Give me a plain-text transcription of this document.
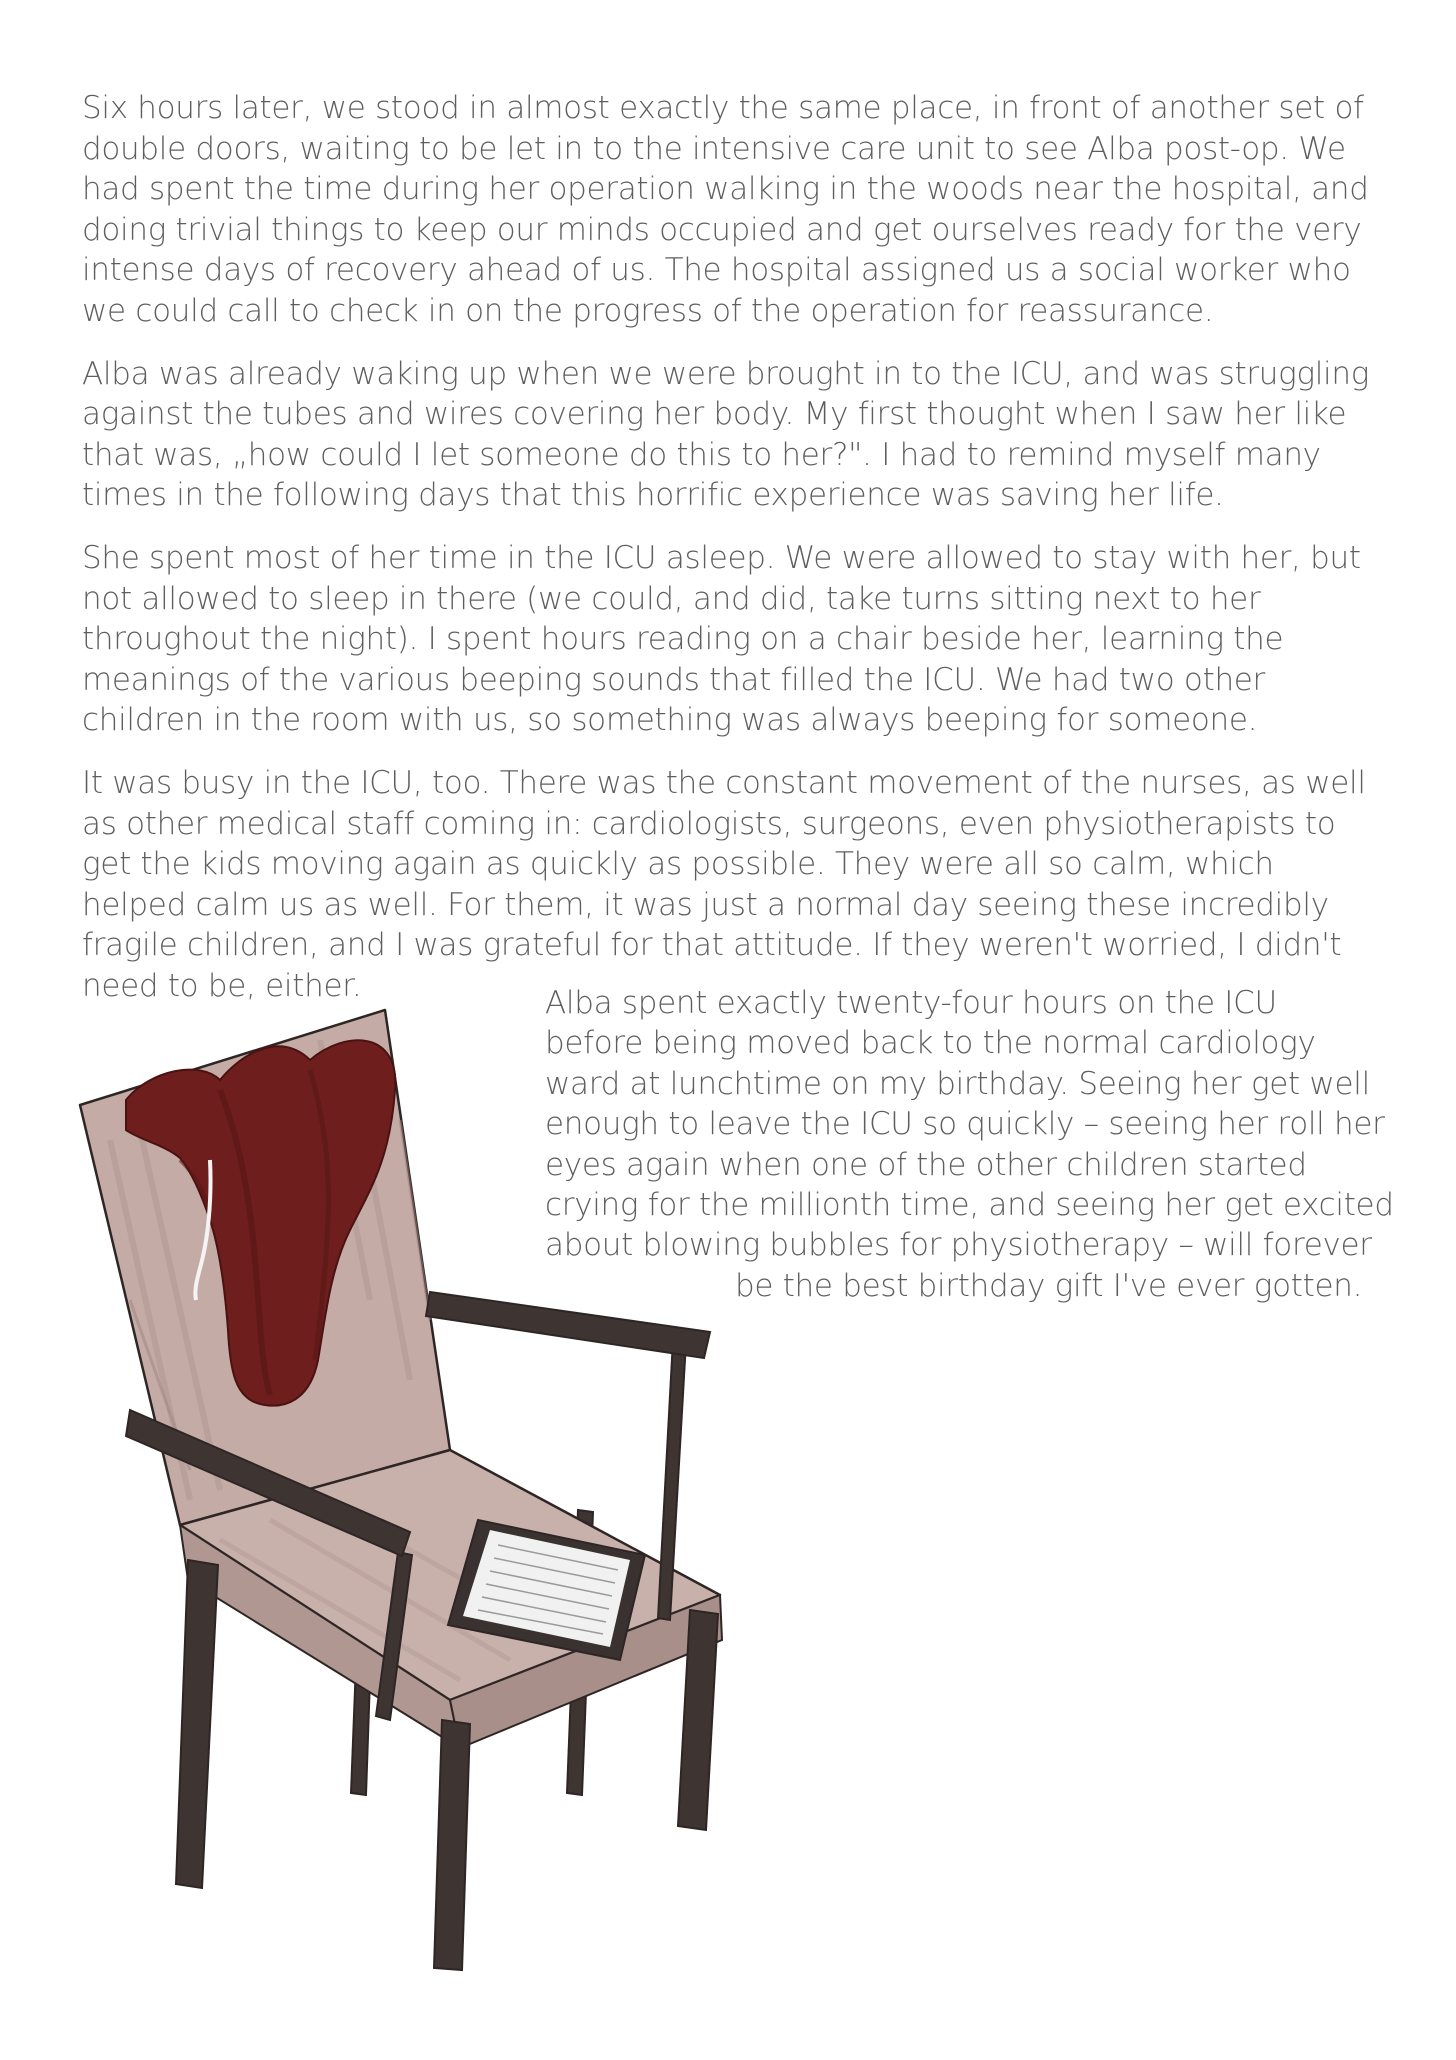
Six hours later, we stood in almost exactly the same place, in front of another set of double doors, waiting to be let in to the intensive care unit to see Alba post-op. We had spent the time during her operation walking in the woods near the hospital, and doing trivial things to keep our minds occupied and get ourselves ready for the very intense days of recovery ahead of us. The hospital assigned us a social worker who we could call to check in on the progress of the operation for reassurance.

Alba was already waking up when we were brought in to the ICU, and was struggling against the tubes and wires covering her body. My first thought when I saw her like that was, „how could I let someone do this to her?". I had to remind myself many times in the following days that this horrific experience was saving her life.

She spent most of her time in the ICU asleep. We were allowed to stay with her, but not allowed to sleep in there (we could, and did, take turns sitting next to her throughout the night). I spent hours reading on a chair beside her, learning the meanings of the various beeping sounds that filled the ICU. We had two other children in the room with us, so something was always beeping for someone.

It was busy in the ICU, too. There was the constant movement of the nurses, as well as other medical staff coming in: cardiologists, surgeons, even physiotherapists to get the kids moving again as quickly as possible. They were all so calm, which helped calm us as well. For them, it was just a normal day seeing these incredibly fragile children, and I was grateful for that attitude. If they weren't worried, I didn't need to be, either.	Alba spent exactly twenty-four hours on the ICU
before being moved back to the normal cardiology
ward at lunchtime on my birthday. Seeing her get well
enough to leave the ICU so quickly – seeing her roll her
eyes again when one of the other children started
crying for the millionth time, and seeing her get excited
about blowing bubbles for physiotherapy – will forever
be the best birthday gift I've ever gotten.
